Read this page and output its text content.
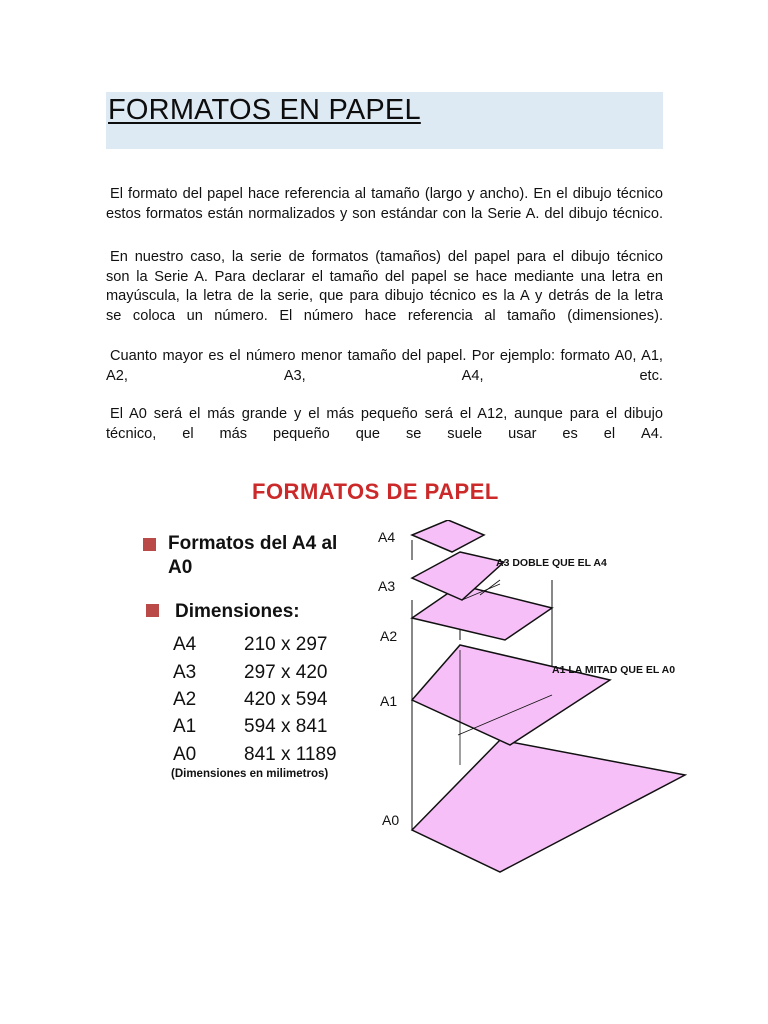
FORMATOS EN PAPEL
El formato del papel hace referencia al tamaño (largo y ancho). En el dibujo técnico
estos formatos están normalizados y son estándar con la Serie A. del dibujo técnico.
En nuestro caso, la serie de formatos (tamaños) del papel para el dibujo técnico
son la Serie A. Para declarar el tamaño del papel se hace mediante una letra en
mayúscula, la letra de la serie, que para dibujo técnico es la A y detrás de la letra
se coloca un número. El número hace referencia al tamaño (dimensiones).
Cuanto mayor es el número menor tamaño del papel. Por ejemplo: formato A0, A1,
A2,	A3,	A4,	etc.
El A0 será el más grande y el más pequeño será el A12, aunque para el dibujo
técnico, el más pequeño que se suele usar es el A4.
FORMATOS DE PAPEL
Formatos del A4 al
A0
Dimensiones:
A4	210 x 297
A3	297 x 420
A2	420 x 594
A1	594 x 841
A0	841 x 1189
(Dimensiones en milimetros)
A4
A3
A2
A1
A0
A3 DOBLE QUE EL A4
A1 LA MITAD QUE EL A0
